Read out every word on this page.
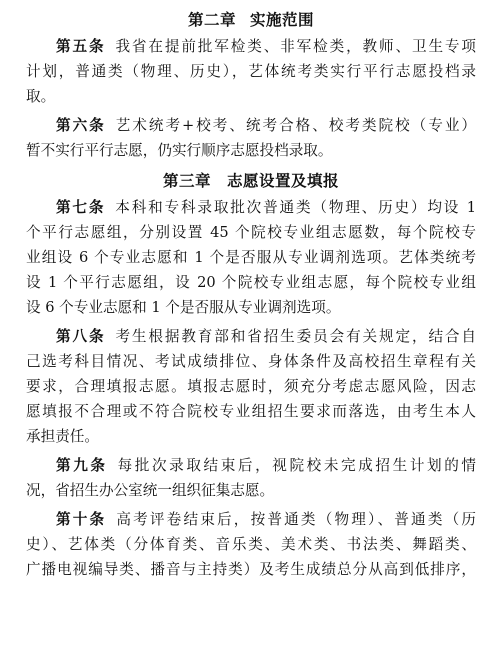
第二章 实施范围
第五条 我省在提前批军检类、非军检类，教师、卫生专项
计划，普通类（物理、历史），艺体统考类实行平行志愿投档录
取。
第六条 艺术统考+校考、统考合格、校考类院校（专业）
暂不实行平行志愿，仍实行顺序志愿投档录取。
第三章　志愿设置及填报
第七条 本科和专科录取批次普通类（物理、历史）均设 1
个平行志愿组，分别设置 45 个院校专业组志愿数，每个院校专
业组设 6 个专业志愿和 1 个是否服从专业调剂选项。艺体类统考
设 1 个平行志愿组，设 20 个院校专业组志愿，每个院校专业组
设 6 个专业志愿和 1 个是否服从专业调剂选项。
第八条 考生根据教育部和省招生委员会有关规定，结合自
己选考科目情况、考试成绩排位、身体条件及高校招生章程有关
要求，合理填报志愿。填报志愿时，须充分考虑志愿风险，因志
愿填报不合理或不符合院校专业组招生要求而落选，由考生本人
承担责任。
第九条 每批次录取结束后，视院校未完成招生计划的情
况，省招生办公室统一组织征集志愿。
第十条 高考评卷结束后，按普通类（物理）、普通类（历
史）、艺体类（分体育类、音乐类、美术类、书法类、舞蹈类、
广播电视编导类、播音与主持类）及考生成绩总分从高到低排序，
